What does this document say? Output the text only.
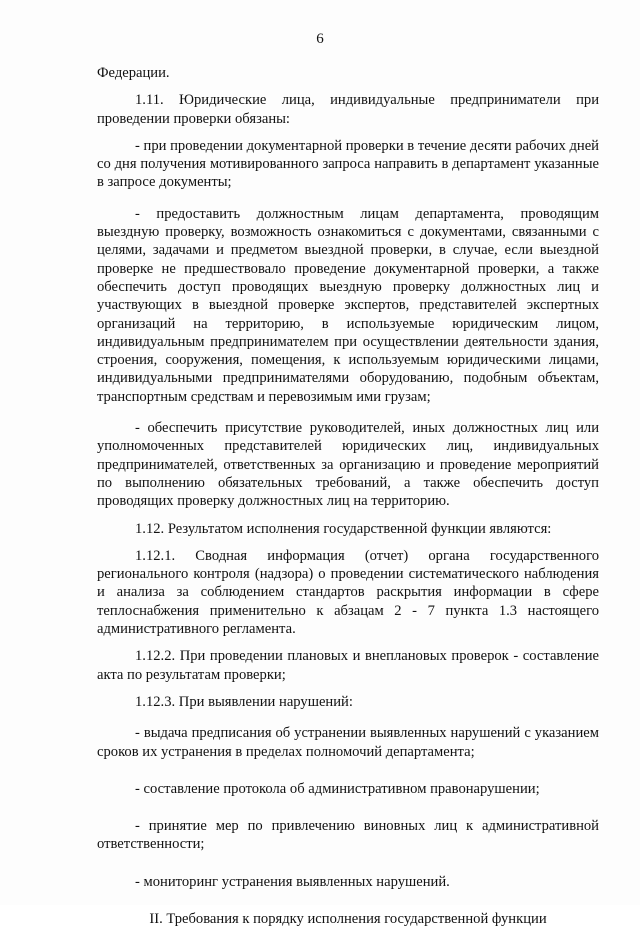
6

Федерации.

1.11. Юридические лица, индивидуальные предприниматели при проведении проверки обязаны:

- при проведении документарной проверки в течение десяти рабочих дней со дня получения мотивированного запроса направить в департамент указанные в запросе документы;

- предоставить должностным лицам департамента, проводящим выездную проверку, возможность ознакомиться с документами, связанными с целями, задачами и предметом выездной проверки, в случае, если выездной проверке не предшествовало проведение документарной проверки, а также обеспечить доступ проводящих выездную проверку должностных лиц и участвующих в выездной проверке экспертов, представителей экспертных организаций на территорию, в используемые юридическим лицом, индивидуальным предпринимателем при осуществлении деятельности здания, строения, сооружения, помещения, к используемым юридическими лицами, индивидуальными предпринимателями оборудованию, подобным объектам, транспортным средствам и перевозимым ими грузам;

- обеспечить присутствие руководителей, иных должностных лиц или уполномоченных представителей юридических лиц, индивидуальных предпринимателей, ответственных за организацию и проведение мероприятий по выполнению обязательных требований, а также обеспечить доступ проводящих проверку должностных лиц на территорию.

1.12. Результатом исполнения государственной функции являются:

1.12.1. Сводная информация (отчет) органа государственного регионального контроля (надзора) о проведении систематического наблюдения и анализа за соблюдением стандартов раскрытия информации в сфере теплоснабжения применительно к абзацам 2 - 7 пункта 1.3 настоящего административного регламента.

1.12.2. При проведении плановых и внеплановых проверок - составление акта по результатам проверки;

1.12.3. При выявлении нарушений:

- выдача предписания об устранении выявленных нарушений с указанием сроков их устранения в пределах полномочий департамента;

- составление протокола об административном правонарушении;

- принятие мер по привлечению виновных лиц к административной ответственности;

- мониторинг устранения выявленных нарушений.

II. Требования к порядку исполнения государственной функции
